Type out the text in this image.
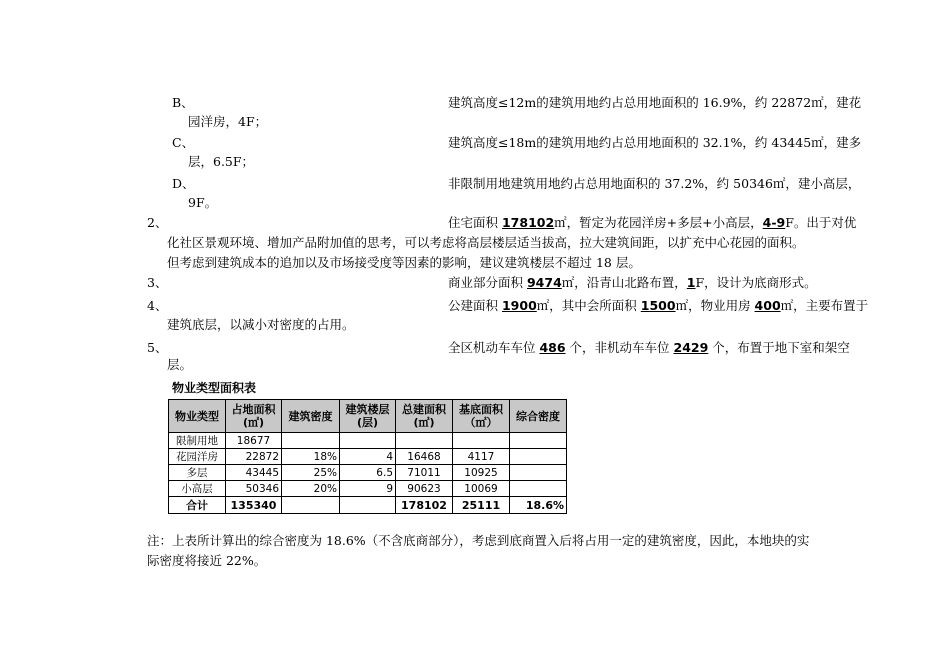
B、	建筑高度≤12m的建筑用地约占总用地面积的 16.9%，约 22872㎡，建花
园洋房，4F；
C、	建筑高度≤18m的建筑用地约占总用地面积的 32.1%，约 43445㎡，建多
层，6.5F；
D、	非限制用地建筑用地约占总用地面积的 37.2%，约 50346㎡，建小高层，
9F。
2、	住宅面积 178102㎡，暂定为花园洋房+多层+小高层，4-9F。出于对优
化社区景观环境、增加产品附加值的思考，可以考虑将高层楼层适当拔高，拉大建筑间距，以扩充中心花园的面积。
但考虑到建筑成本的追加以及市场接受度等因素的影响，建议建筑楼层不超过 18 层。
3、	商业部分面积 9474㎡，沿青山北路布置，1F，设计为底商形式。
4、	公建面积 1900㎡，其中会所面积 1500㎡，物业用房 400㎡，主要布置于
建筑底层，以减小对密度的占用。
5、	全区机动车车位 486 个，非机动车车位 2429 个，布置于地下室和架空
层。
物业类型面积表
物业类型	占地面积
(㎡)	建筑密度	建筑楼层
(层)	总建面积
(㎡)	基底面积
（㎡）	综合密度
限制用地	18677					
花园洋房	22872	18%	4	16468	4117	
多层	43445	25%	6.5	71011	10925	
小高层	50346	20%	9	90623	10069	
合计	135340			178102	25111	18.6%
注：上表所计算出的综合密度为 18.6%（不含底商部分），考虑到底商置入后将占用一定的建筑密度，因此，本地块的实
际密度将接近 22%。
